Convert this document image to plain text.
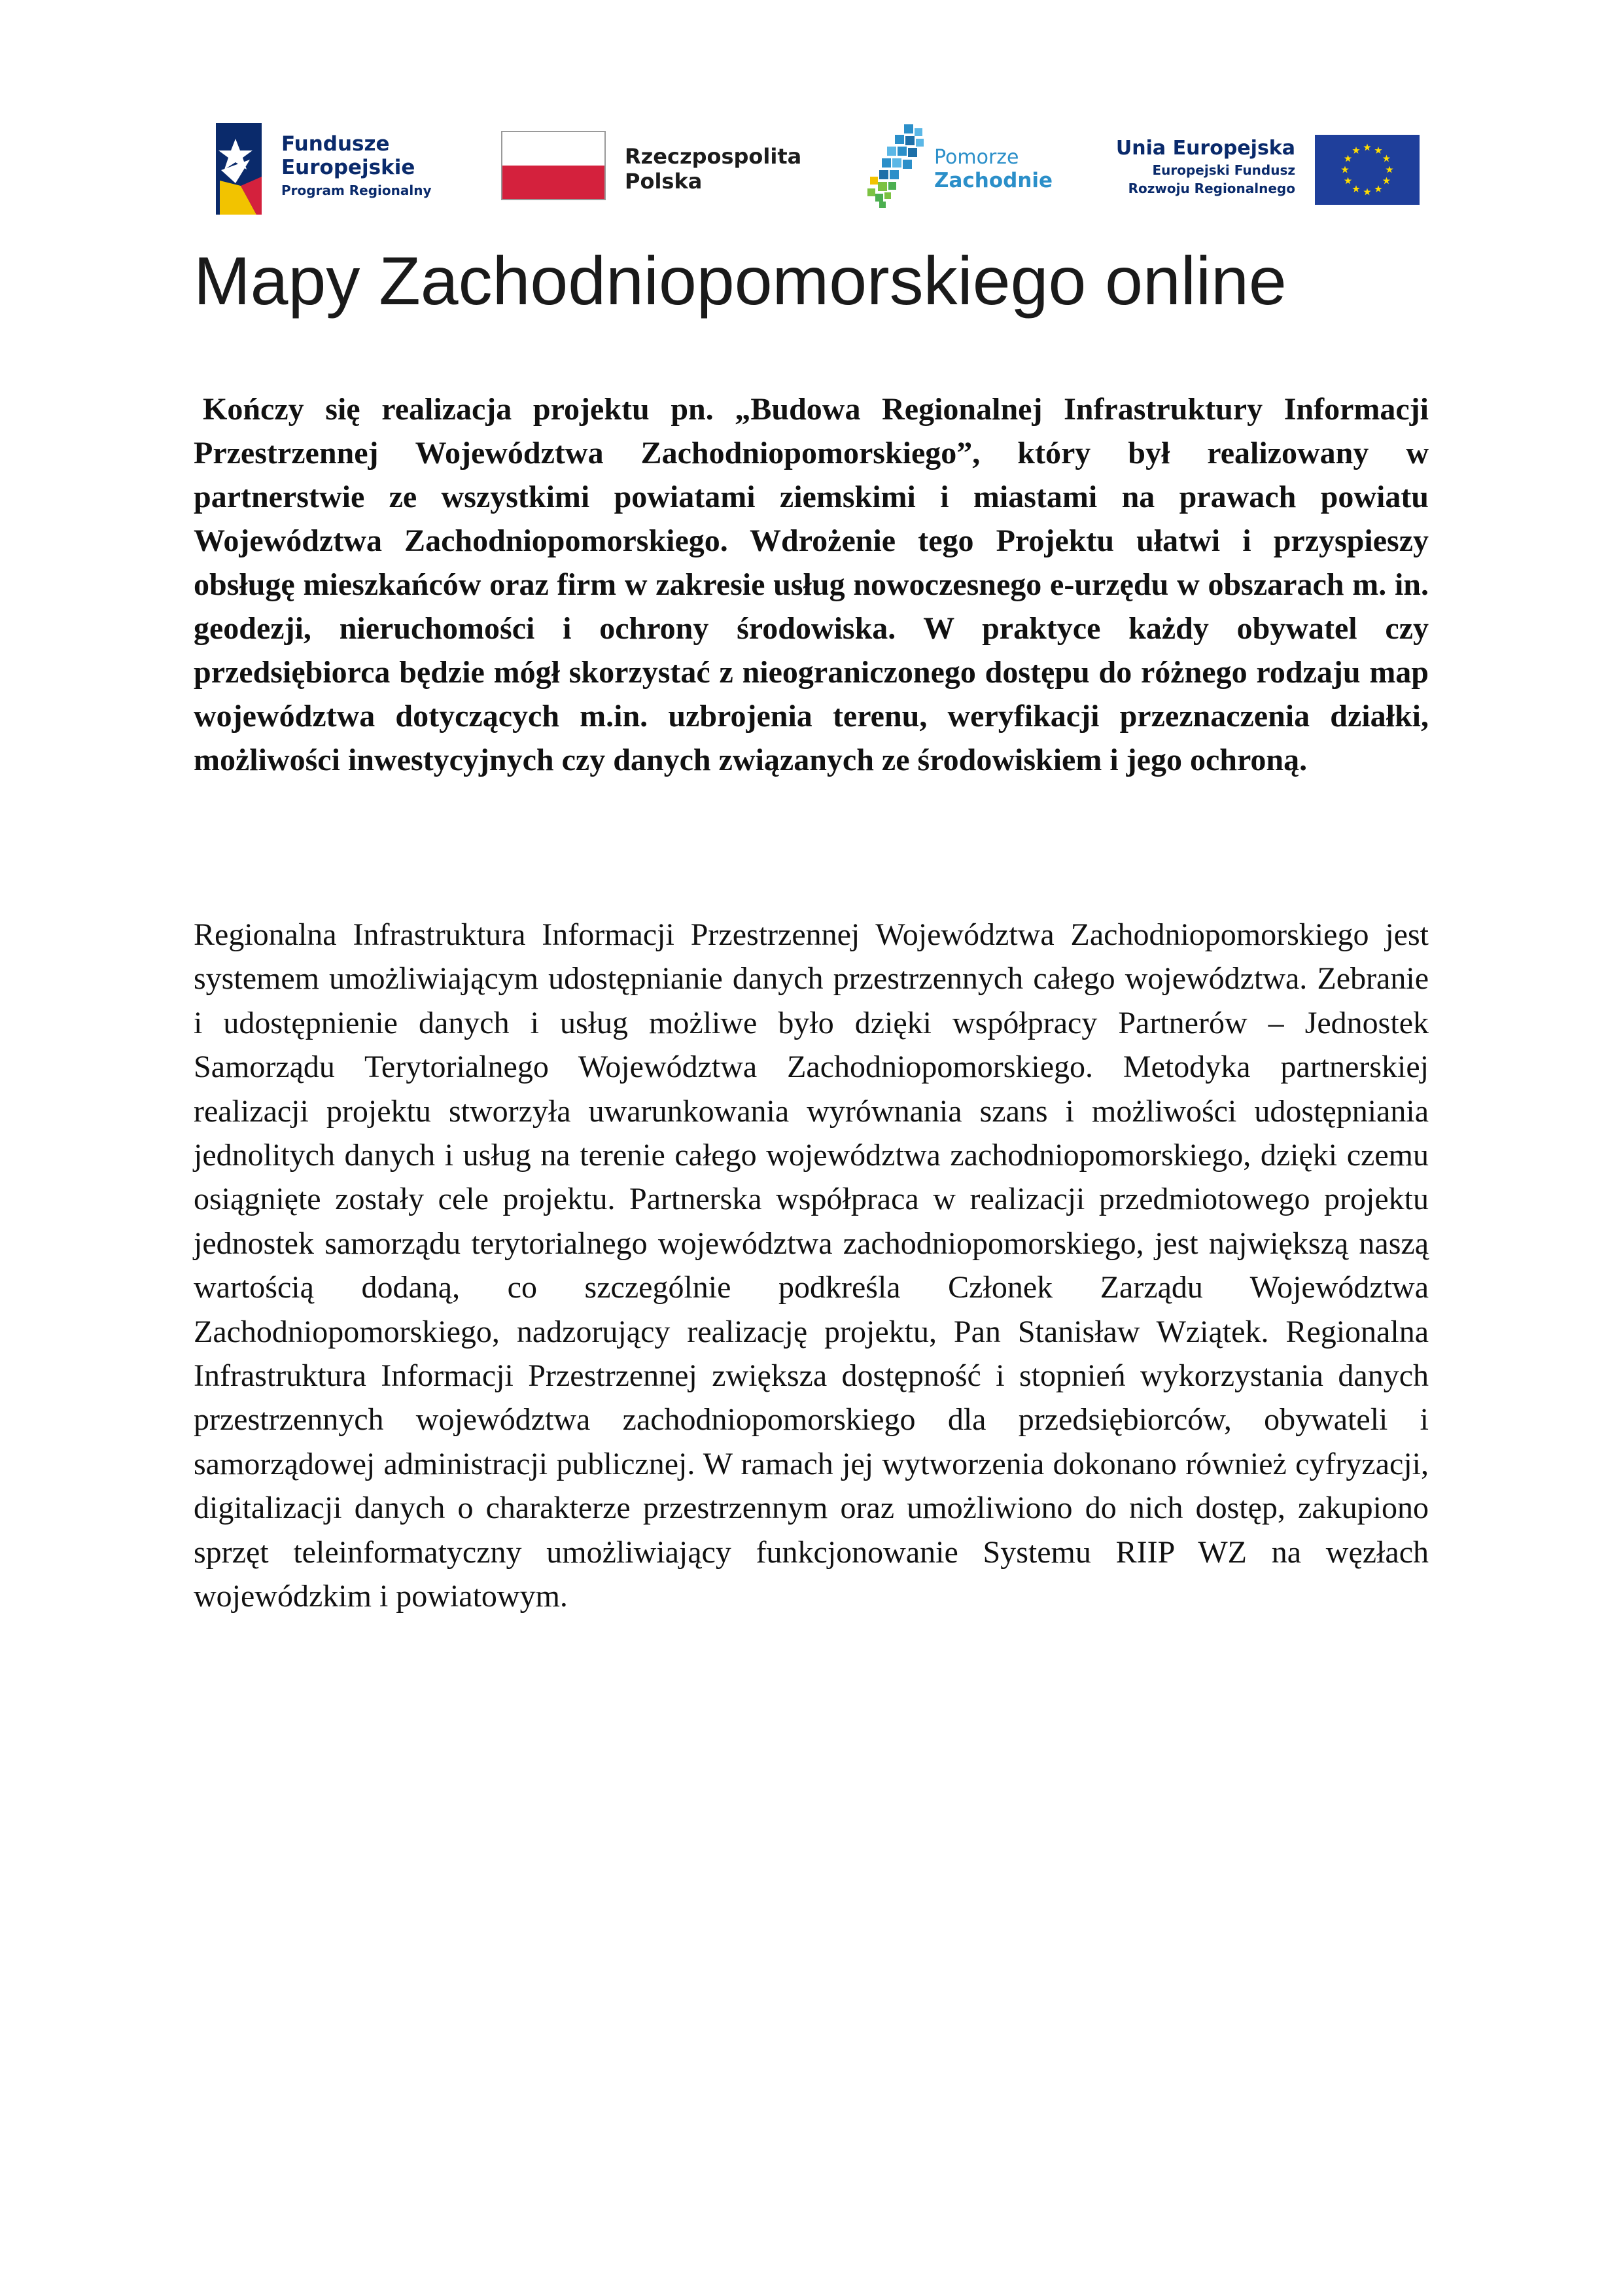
Fundusze
Europejskie
Program Regionalny
Rzeczpospolita
Polska
Pomorze
Zachodnie
Unia Europejska
Europejski Fundusz
Rozwoju Regionalnego
Mapy Zachodniopomorskiego online

Kończy się realizacja projektu pn. „Budowa Regionalnej Infrastruktury Informacji Przestrzennej Województwa Zachodniopomorskiego”, który był realizowany w partnerstwie ze wszystkimi powiatami ziemskimi i miastami na prawach powiatu Województwa Zachodniopomorskiego. Wdrożenie tego Projektu ułatwi i przyspieszy obsługę mieszkańców oraz firm w zakresie usług nowoczesnego e-urzędu w obszarach m. in. geodezji, nieruchomości i ochrony środowiska. W praktyce każdy obywatel czy przedsiębiorca będzie mógł skorzystać z nieograniczonego dostępu do różnego rodzaju map województwa dotyczących m.in. uzbrojenia terenu, weryfikacji przeznaczenia działki, możliwości inwestycyjnych czy danych związanych ze środowiskiem i jego ochroną.

Regionalna Infrastruktura Informacji Przestrzennej Województwa Zachodniopomorskiego jest systemem umożliwiającym udostępnianie danych przestrzennych całego województwa. Zebranie i udostępnienie danych i usług możliwe było dzięki współpracy Partnerów – Jednostek Samorządu Terytorialnego Województwa Zachodniopomorskiego. Metodyka partnerskiej realizacji projektu stworzyła uwarunkowania wyrównania szans i możliwości udostępniania jednolitych danych i usług na terenie całego województwa zachodniopomorskiego, dzięki czemu osiągnięte zostały cele projektu. Partnerska współpraca w realizacji przedmiotowego projektu jednostek samorządu terytorialnego województwa zachodniopomorskiego, jest największą naszą wartością dodaną, co szczególnie podkreśla Członek Zarządu Województwa Zachodniopomorskiego, nadzorujący realizację projektu, Pan Stanisław Wziątek. Regionalna Infrastruktura Informacji Przestrzennej zwiększa dostępność i stopnień wykorzystania danych przestrzennych województwa zachodniopomorskiego dla przedsiębiorców, obywateli i samorządowej administracji publicznej. W ramach jej wytworzenia dokonano również cyfryzacji, digitalizacji danych o charakterze przestrzennym oraz umożliwiono do nich dostęp, zakupiono sprzęt teleinformatyczny umożliwiający funkcjonowanie Systemu RIIP WZ na węzłach wojewódzkim i powiatowym.
